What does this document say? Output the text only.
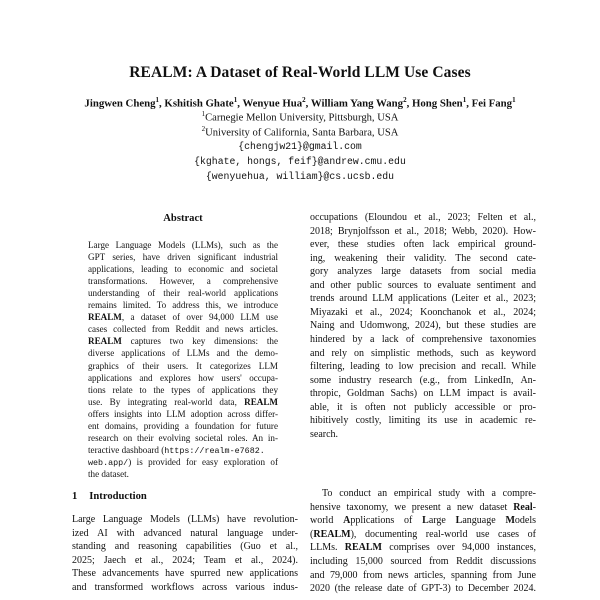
REALM: A Dataset of Real-World LLM Use Cases
Jingwen Cheng$^1$, Kshitish Ghate$^1$, Wenyue Hua$^2$, William Yang Wang$^2$, Hong Shen$^1$, Fei Fang$^1$
$^1$Carnegie Mellon University, Pittsburgh, USA
$^2$University of California, Santa Barbara, USA
{chengjw21}@gmail.com
{kghate, hongs, feif}@andrew.cmu.edu
{wenyuehua, william}@cs.ucsb.edu
Abstract
Large Language Models (LLMs), such as the
GPT series, have driven significant industrial
applications, leading to economic and societal
transformations. However, a comprehensive
understanding of their real-world applications
remains limited. To address this, we introduce
REALM, a dataset of over 94,000 LLM use
cases collected from Reddit and news articles.
REALM captures two key dimensions: the
diverse applications of LLMs and the demo-
graphics of their users. It categorizes LLM
applications and explores how users' occupa-
tions relate to the types of applications they
use. By integrating real-world data, REALM
offers insights into LLM adoption across differ-
ent domains, providing a foundation for future
research on their evolving societal roles. An in-
teractive dashboard (https://realm-e7682.
web.app/) is provided for easy exploration of
the dataset.
1 Introduction
Large Language Models (LLMs) have revolution-
ized AI with advanced natural language under-
standing and reasoning capabilities (Guo et al.,
2025; Jaech et al., 2024; Team et al., 2024).
These advancements have spurred new applications
and transformed workflows across various indus-
occupations (Eloundou et al., 2023; Felten et al.,
2018; Brynjolfsson et al., 2018; Webb, 2020). How-
ever, these studies often lack empirical ground-
ing, weakening their validity. The second cate-
gory analyzes large datasets from social media
and other public sources to evaluate sentiment and
trends around LLM applications (Leiter et al., 2023;
Miyazaki et al., 2024; Koonchanok et al., 2024;
Naing and Udomwong, 2024), but these studies are
hindered by a lack of comprehensive taxonomies
and rely on simplistic methods, such as keyword
filtering, leading to low precision and recall. While
some industry research (e.g., from LinkedIn, An-
thropic, Goldman Sachs) on LLM impact is avail-
able, it is often not publicly accessible or pro-
hibitively costly, limiting its use in academic re-
search.
To conduct an empirical study with a compre-
hensive taxonomy, we present a new dataset Real-
world Applications of Large Language Models
(REALM), documenting real-world use cases of
LLMs. REALM comprises over 94,000 instances,
including 15,000 sourced from Reddit discussions
and 79,000 from news articles, spanning from June
2020 (the release date of GPT-3) to December 2024.
